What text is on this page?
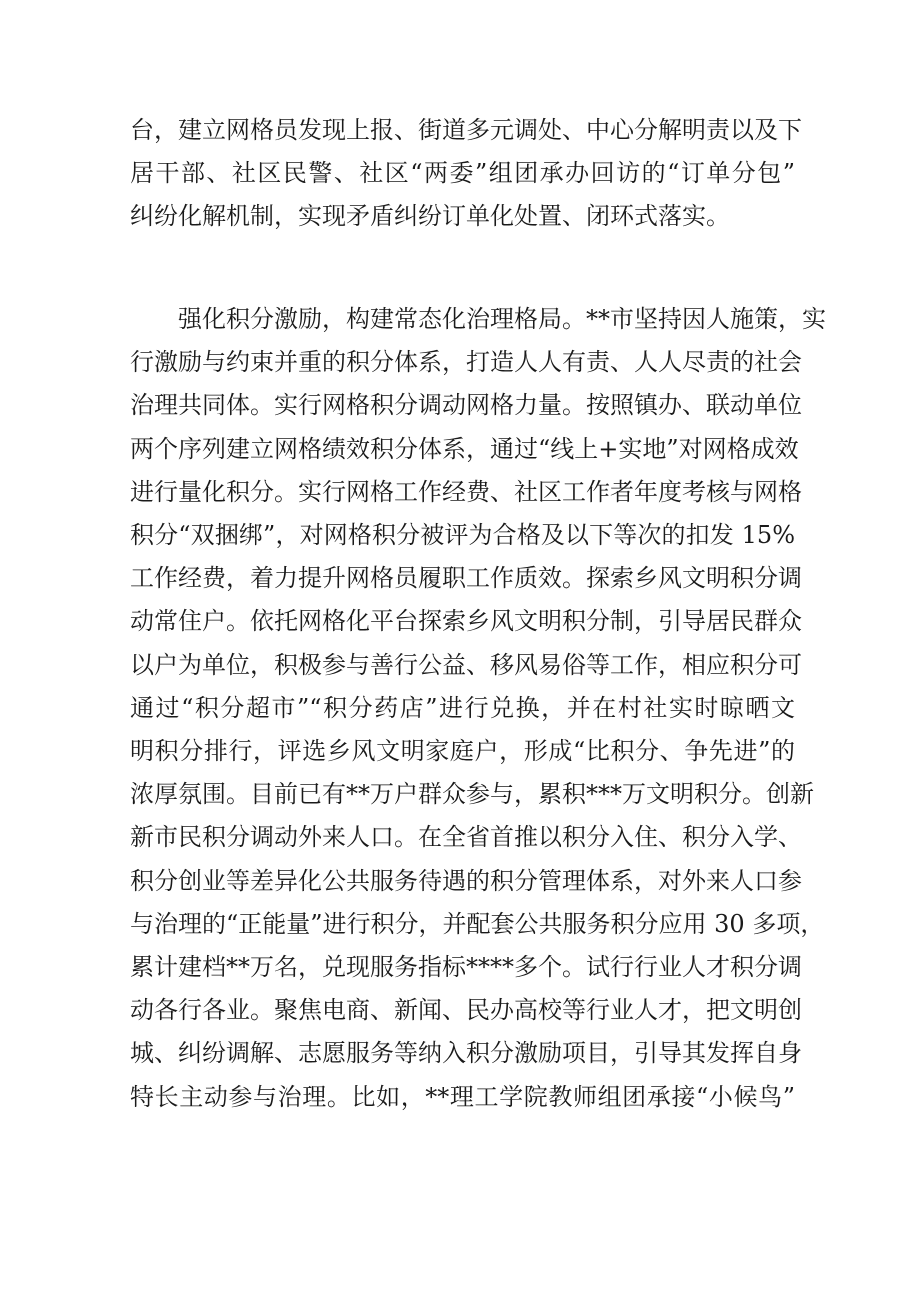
台，建立网格员发现上报、街道多元调处、中心分解明责以及下
居干部、社区民警、社区“两委”组团承办回访的“订单分包”
纠纷化解机制，实现矛盾纠纷订单化处置、闭环式落实。
强化积分激励，构建常态化治理格局。**市坚持因人施策，实
行激励与约束并重的积分体系，打造人人有责、人人尽责的社会
治理共同体。实行网格积分调动网格力量。按照镇办、联动单位
两个序列建立网格绩效积分体系，通过“线上+实地”对网格成效
进行量化积分。实行网格工作经费、社区工作者年度考核与网格
积分“双捆绑”，对网格积分被评为合格及以下等次的扣发 15%
工作经费，着力提升网格员履职工作质效。探索乡风文明积分调
动常住户。依托网格化平台探索乡风文明积分制，引导居民群众
以户为单位，积极参与善行公益、移风易俗等工作，相应积分可
通过“积分超市”“积分药店”进行兑换，并在村社实时晾晒文
明积分排行，评选乡风文明家庭户，形成“比积分、争先进”的
浓厚氛围。目前已有**万户群众参与，累积***万文明积分。创新
新市民积分调动外来人口。在全省首推以积分入住、积分入学、
积分创业等差异化公共服务待遇的积分管理体系，对外来人口参
与治理的“正能量”进行积分，并配套公共服务积分应用 30 多项，
累计建档**万名，兑现服务指标****多个。试行行业人才积分调
动各行各业。聚焦电商、新闻、民办高校等行业人才，把文明创
城、纠纷调解、志愿服务等纳入积分激励项目，引导其发挥自身
特长主动参与治理。比如，**理工学院教师组团承接“小候鸟”
